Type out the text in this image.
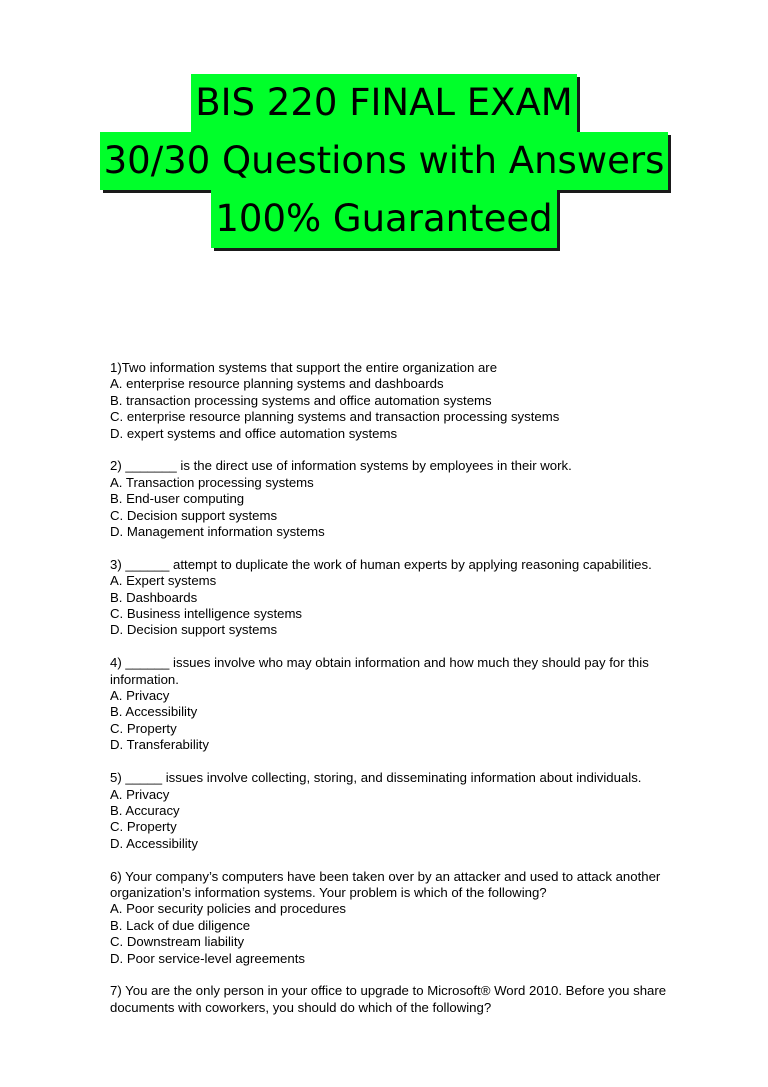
BIS 220 FINAL EXAM
30/30 Questions with Answers
100% Guaranteed
1)Two information systems that support the entire organization are
A. enterprise resource planning systems and dashboards
B. transaction processing systems and office automation systems
C. enterprise resource planning systems and transaction processing systems
D. expert systems and office automation systems
2) _______ is the direct use of information systems by employees in their work.
A. Transaction processing systems
B. End-user computing
C. Decision support systems
D. Management information systems
3) ______ attempt to duplicate the work of human experts by applying reasoning capabilities.
A. Expert systems
B. Dashboards
C. Business intelligence systems
D. Decision support systems
4) ______ issues involve who may obtain information and how much they should pay for this information.
A. Privacy
B. Accessibility
C. Property
D. Transferability
5) _____ issues involve collecting, storing, and disseminating information about individuals.
A. Privacy
B. Accuracy
C. Property
D. Accessibility
6) Your company’s computers have been taken over by an attacker and used to attack another organization’s information systems. Your problem is which of the following?
A. Poor security policies and procedures
B. Lack of due diligence
C. Downstream liability
D. Poor service-level agreements
7) You are the only person in your office to upgrade to Microsoft® Word 2010. Before you share documents with coworkers, you should do which of the following?
